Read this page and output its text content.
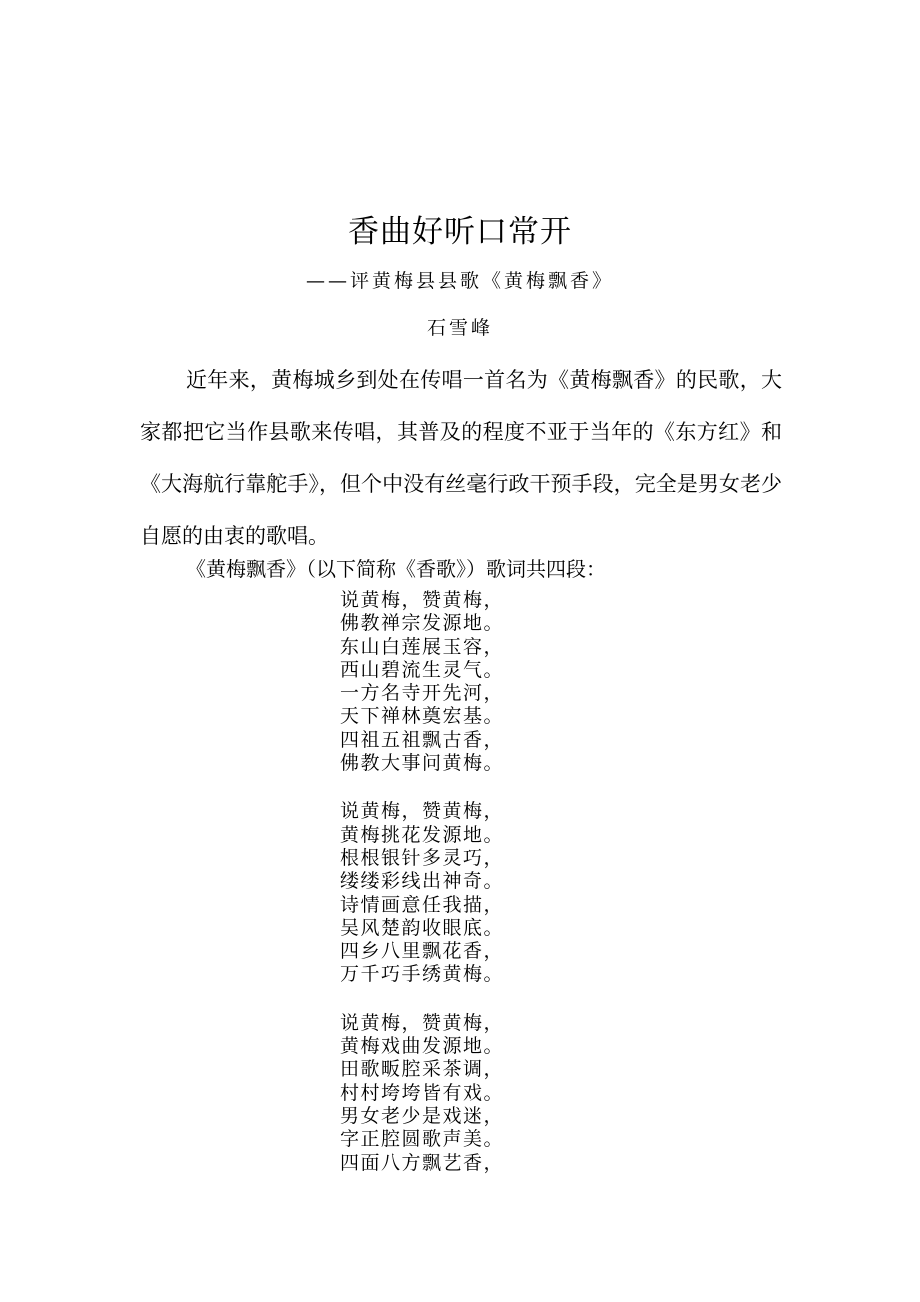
香曲好听口常开
——评黄梅县县歌《黄梅飘香》
石雪峰

近年来，黄梅城乡到处在传唱一首名为《黄梅飘香》的民歌，大家都把它当作县歌来传唱，其普及的程度不亚于当年的《东方红》和《大海航行靠舵手》，但个中没有丝毫行政干预手段，完全是男女老少自愿的由衷的歌唱。

《黄梅飘香》（以下简称《香歌》）歌词共四段：

说黄梅，赞黄梅，
佛教禅宗发源地。
东山白莲展玉容，
西山碧流生灵气。
一方名寺开先河，
天下禅林奠宏基。
四祖五祖飘古香，
佛教大事问黄梅。
说黄梅，赞黄梅，
黄梅挑花发源地。
根根银针多灵巧，
缕缕彩线出神奇。
诗情画意任我描，
吴风楚韵收眼底。
四乡八里飘花香，
万千巧手绣黄梅。
说黄梅，赞黄梅，
黄梅戏曲发源地。
田歌畈腔采茶调，
村村垮垮皆有戏。
男女老少是戏迷，
字正腔圆歌声美。
四面八方飘艺香，
